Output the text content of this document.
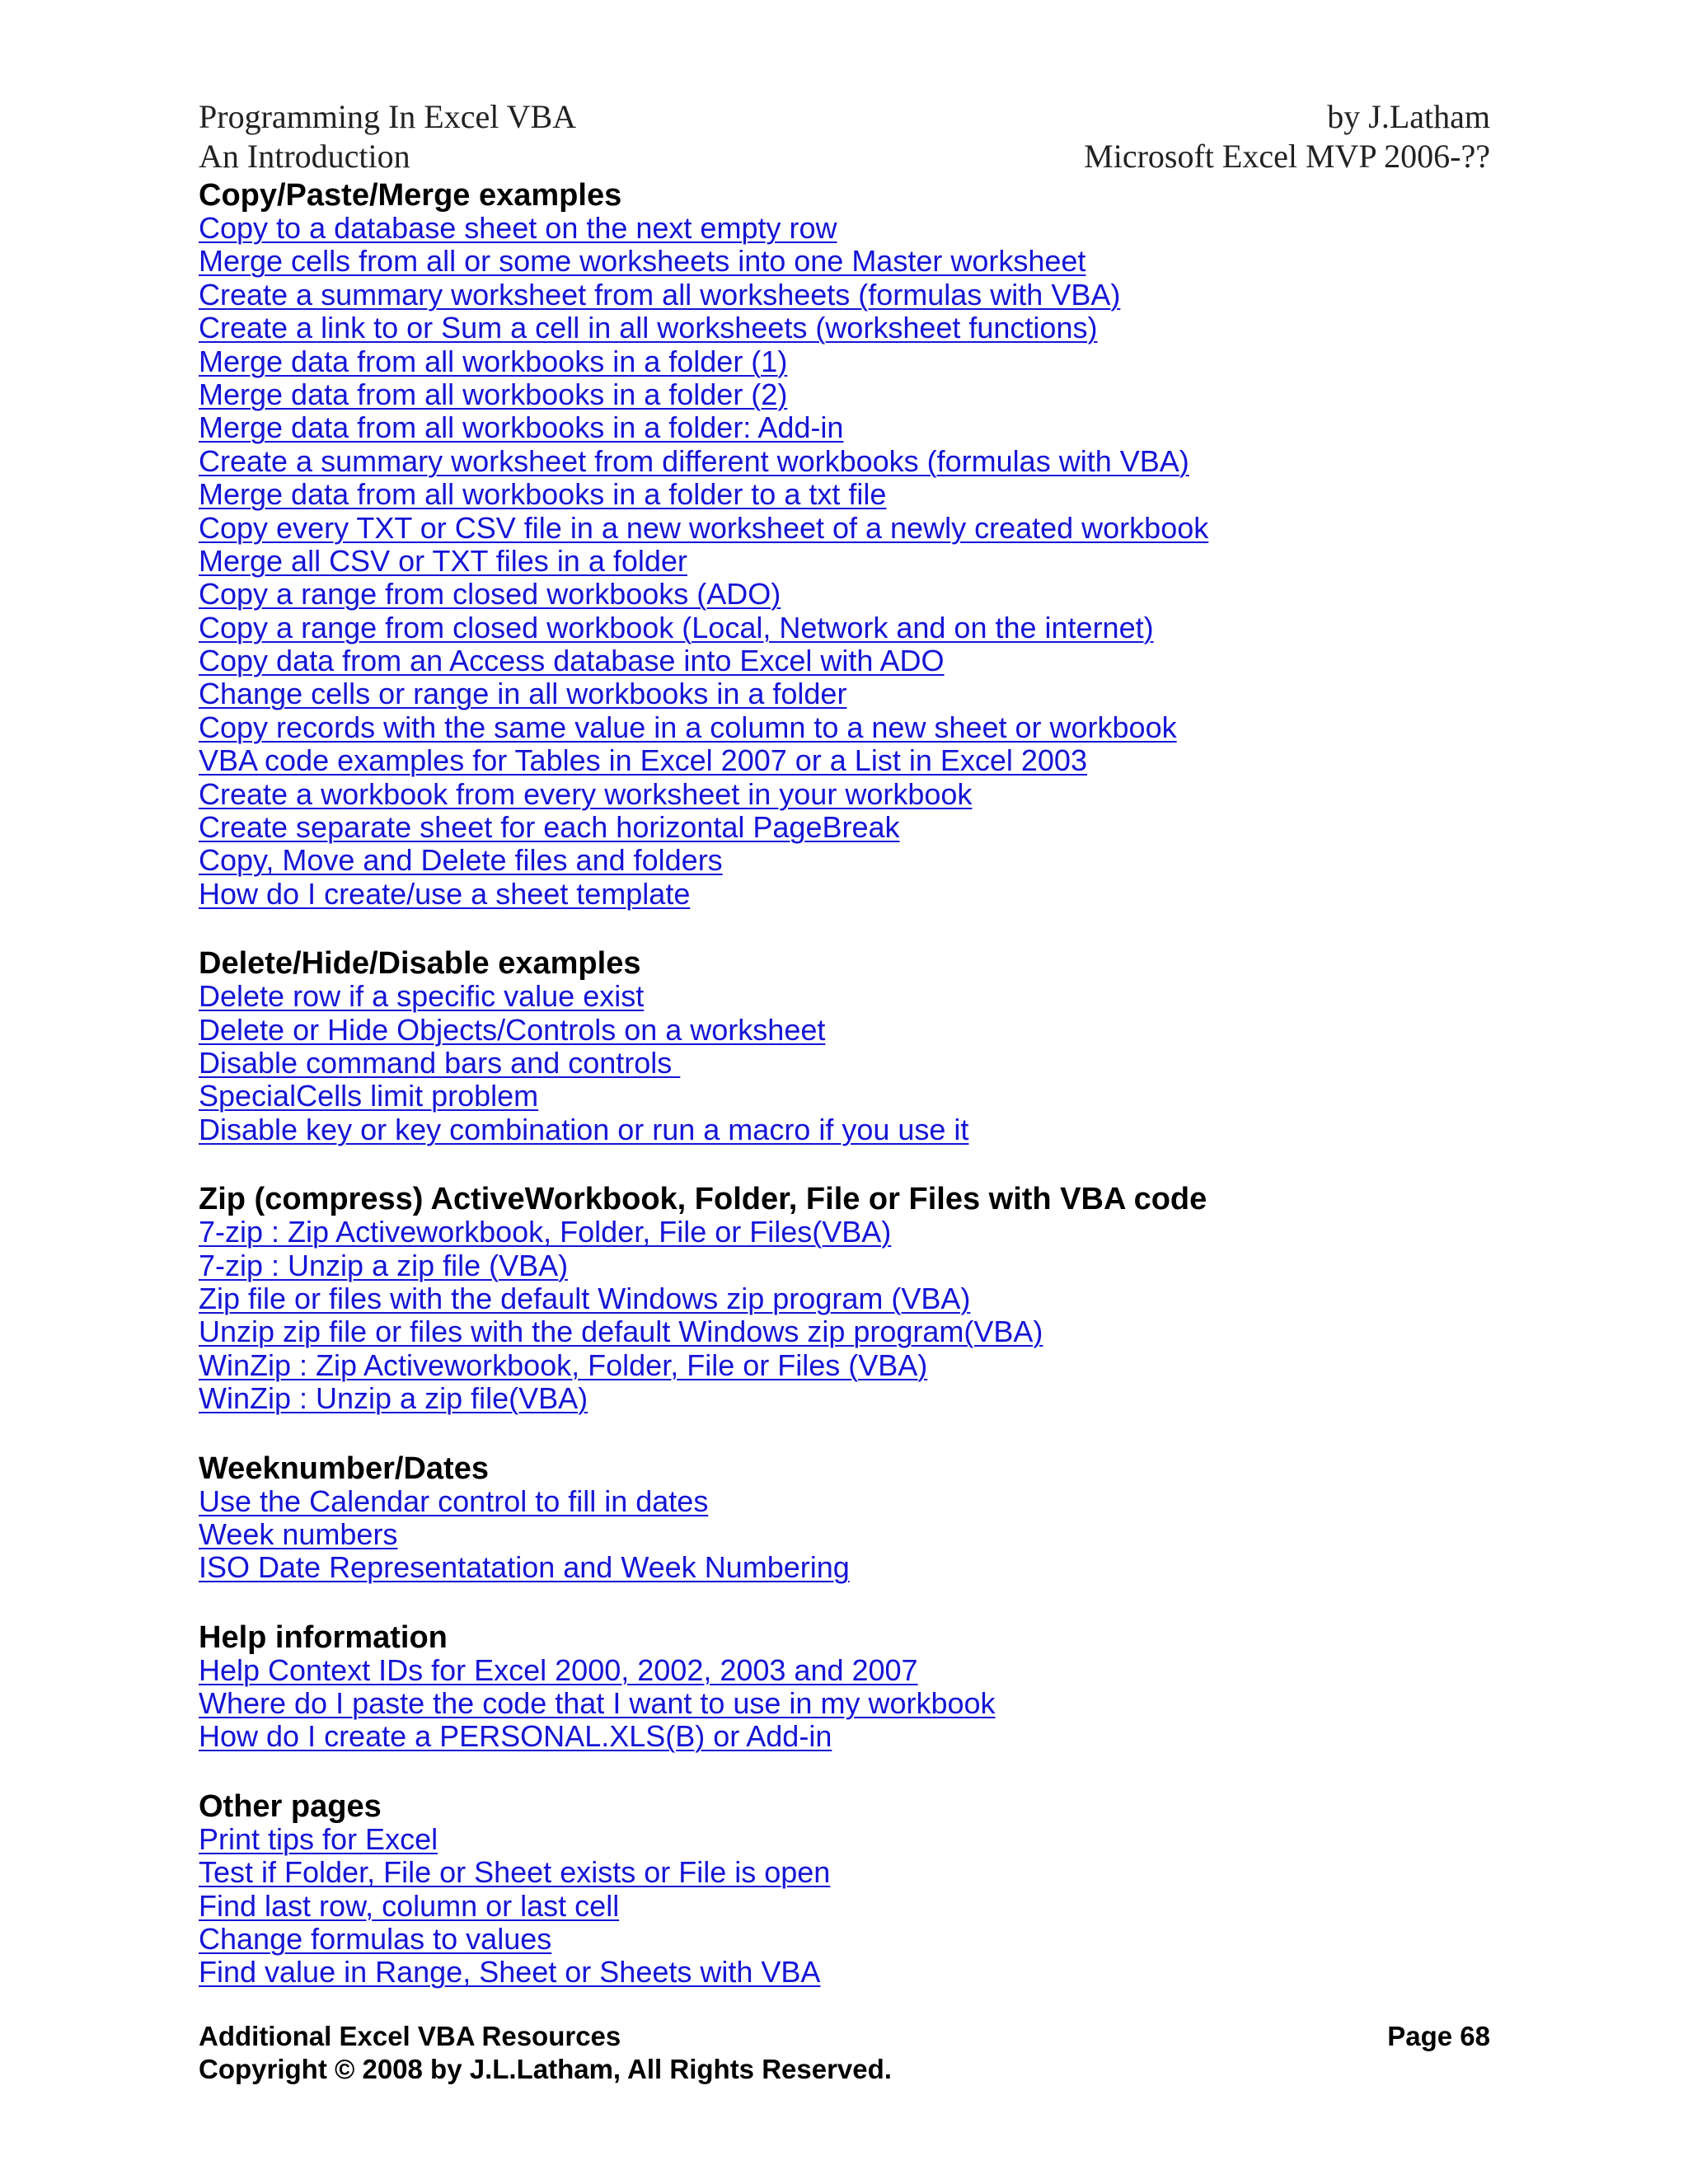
Programming In Excel VBA	by J.Latham
An Introduction	Microsoft Excel MVP 2006-??
Copy/Paste/Merge examples
Copy to a database sheet on the next empty row
Merge cells from all or some worksheets into one Master worksheet
Create a summary worksheet from all worksheets (formulas with VBA)
Create a link to or Sum a cell in all worksheets (worksheet functions)
Merge data from all workbooks in a folder (1)
Merge data from all workbooks in a folder (2)
Merge data from all workbooks in a folder: Add-in
Create a summary worksheet from different workbooks (formulas with VBA)
Merge data from all workbooks in a folder to a txt file
Copy every TXT or CSV file in a new worksheet of a newly created workbook
Merge all CSV or TXT files in a folder
Copy a range from closed workbooks (ADO)
Copy a range from closed workbook (Local, Network and on the internet)
Copy data from an Access database into Excel with ADO
Change cells or range in all workbooks in a folder
Copy records with the same value in a column to a new sheet or workbook
VBA code examples for Tables in Excel 2007 or a List in Excel 2003
Create a workbook from every worksheet in your workbook
Create separate sheet for each horizontal PageBreak
Copy, Move and Delete files and folders
How do I create/use a sheet template
Delete/Hide/Disable examples
Delete row if a specific value exist
Delete or Hide Objects/Controls on a worksheet
Disable command bars and controls
SpecialCells limit problem
Disable key or key combination or run a macro if you use it
Zip (compress) ActiveWorkbook, Folder, File or Files with VBA code
7-zip : Zip Activeworkbook, Folder, File or Files(VBA)
7-zip : Unzip a zip file (VBA)
Zip file or files with the default Windows zip program (VBA)
Unzip zip file or files with the default Windows zip program(VBA)
WinZip : Zip Activeworkbook, Folder, File or Files (VBA)
WinZip : Unzip a zip file(VBA)
Weeknumber/Dates
Use the Calendar control to fill in dates
Week numbers
ISO Date Representatation and Week Numbering
Help information
Help Context IDs for Excel 2000, 2002, 2003 and 2007
Where do I paste the code that I want to use in my workbook
How do I create a PERSONAL.XLS(B) or Add-in
Other pages
Print tips for Excel
Test if Folder, File or Sheet exists or File is open
Find last row, column or last cell
Change formulas to values
Find value in Range, Sheet or Sheets with VBA
Additional Excel VBA Resources	Page 68
Copyright © 2008 by J.L.Latham, All Rights Reserved.
